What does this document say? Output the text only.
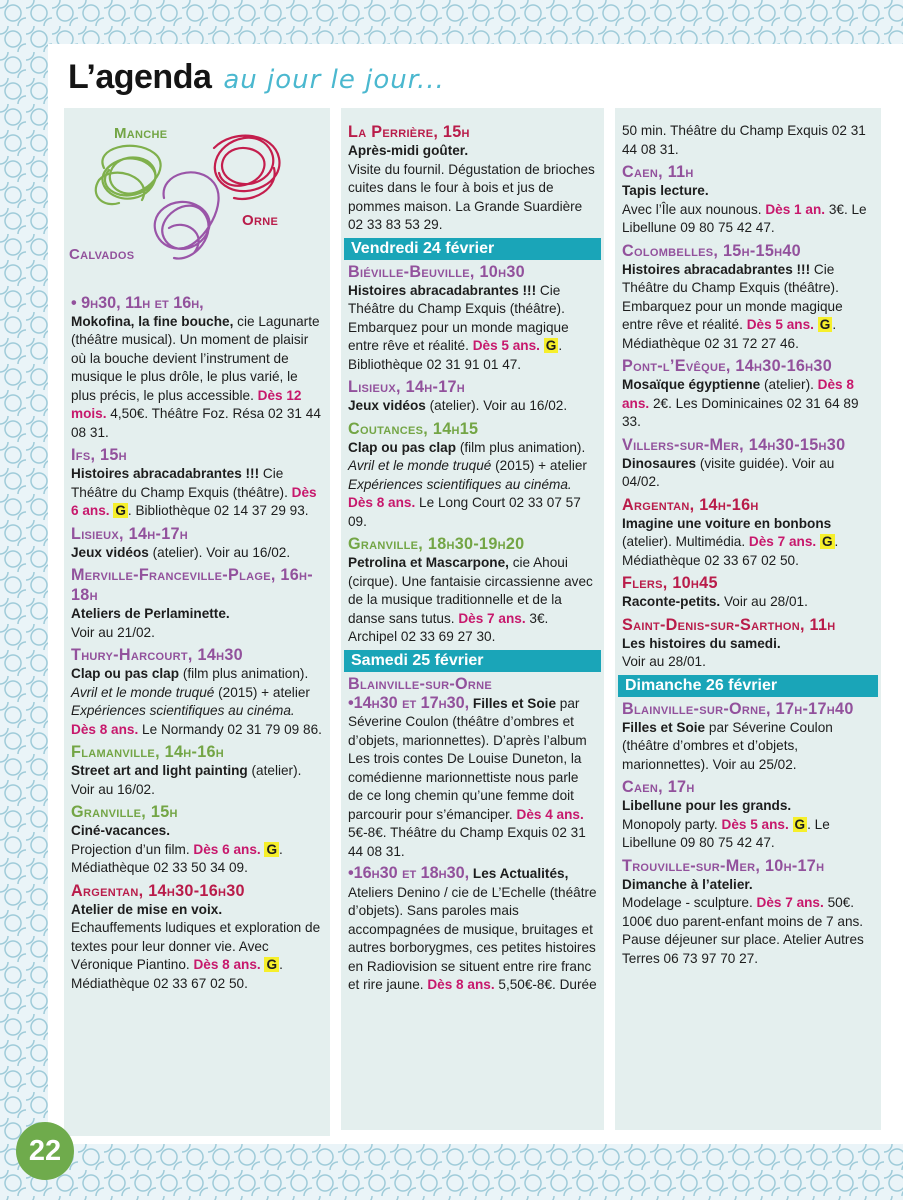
L’agenda au jour le jour...
Manche
Orne
Calvados
• 9h30, 11h et 16h,
Mokofina, la fine bouche, cie Lagunarte (théâtre musical). Un moment de plaisir où la bouche devient l’instrument de musique le plus drôle, le plus varié, le plus précis, le plus accessible. Dès 12 mois. 4,50€. Théâtre Foz. Résa 02 31 44 08 31.
Ifs, 15h
Histoires abracadabrantes !!! Cie Théâtre du Champ Exquis (théâtre). Dès 6 ans. G . Bibliothèque 02 14 37 29 93.
Lisieux, 14h-17h
Jeux vidéos (atelier). Voir au 16/02.
Merville-Franceville-Plage, 16h-18h
Ateliers de Perlaminette.
Voir au 21/02.
Thury-Harcourt, 14h30
Clap ou pas clap (film plus animation). Avril et le monde truqué (2015) + atelier Expériences scientifiques au cinéma. Dès 8 ans. Le Normandy 02 31 79 09 86.
Flamanville, 14h-16h
Street art and light painting (atelier). Voir au 16/02.
Granville, 15h
Ciné-vacances.
Projection d’un film. Dès 6 ans. G . Médiathèque 02 33 50 34 09.
Argentan, 14h30-16h30
Atelier de mise en voix.
Echauffements ludiques et exploration de textes pour leur donner vie. Avec Véronique Piantino. Dès 8 ans. G . Médiathèque 02 33 67 02 50.
La Perrière, 15h
Après-midi goûter.
Visite du fournil. Dégustation de brioches cuites dans le four à bois et jus de pommes maison. La Grande Suardière 02 33 83 53 29.
Vendredi 24 février
Biéville-Beuville, 10h30
Histoires abracadabrantes !!! Cie Théâtre du Champ Exquis (théâtre). Embarquez pour un monde magique entre rêve et réalité. Dès 5 ans. G . Bibliothèque 02 31 91 01 47.
Lisieux, 14h-17h
Jeux vidéos (atelier). Voir au 16/02.
Coutances, 14h15
Clap ou pas clap (film plus animation). Avril et le monde truqué (2015) + atelier Expériences scientifiques au cinéma. Dès 8 ans. Le Long Court 02 33 07 57 09.
Granville, 18h30-19h20
Petrolina et Mascarpone, cie Ahoui (cirque). Une fantaisie circassienne avec de la musique traditionnelle et de la danse sans tutus. Dès 7 ans. 3€. Archipel 02 33 69 27 30.
Samedi 25 février
Blainville-sur-Orne
•14h30 et 17h30, Filles et Soie par Séverine Coulon (théâtre d’ombres et d’objets, marionnettes). D’après l’album Les trois contes De Louise Duneton, la comédienne marionnettiste nous parle de ce long chemin qu’une femme doit parcourir pour s’émanciper. Dès 4 ans. 5€-8€. Théâtre du Champ Exquis 02 31 44 08 31.
•16h30 et 18h30, Les Actualités, Ateliers Denino / cie de L’Echelle (théâtre d’objets). Sans paroles mais accompagnées de musique, bruitages et autres borborygmes, ces petites histoires en Radiovision se situent entre rire franc et rire jaune. Dès 8 ans. 5,50€-8€. Durée
50 min. Théâtre du Champ Exquis 02 31 44 08 31.
Caen, 11h
Tapis lecture.
Avec l’Île aux nounous. Dès 1 an. 3€. Le Libellune 09 80 75 42 47.
Colombelles, 15h-15h40
Histoires abracadabrantes !!! Cie Théâtre du Champ Exquis (théâtre). Embarquez pour un monde magique entre rêve et réalité. Dès 5 ans. G . Médiathèque 02 31 72 27 46.
Pont-l’Evêque, 14h30-16h30
Mosaïque égyptienne (atelier). Dès 8 ans. 2€. Les Dominicaines 02 31 64 89 33.
Villers-sur-Mer, 14h30-15h30
Dinosaures (visite guidée). Voir au 04/02.
Argentan, 14h-16h
Imagine une voiture en bonbons (atelier). Multimédia. Dès 7 ans. G . Médiathèque 02 33 67 02 50.
Flers, 10h45
Raconte-petits. Voir au 28/01.
Saint-Denis-sur-Sarthon, 11h
Les histoires du samedi.
Voir au 28/01.
Dimanche 26 février
Blainville-sur-Orne, 17h-17h40
Filles et Soie par Séverine Coulon (théâtre d’ombres et d’objets, marionnettes). Voir au 25/02.
Caen, 17h
Libellune pour les grands.
Monopoly party. Dès 5 ans. G . Le Libellune 09 80 75 42 47.
Trouville-sur-Mer, 10h-17h
Dimanche à l’atelier.
Modelage - sculpture. Dès 7 ans. 50€. 100€ duo parent-enfant moins de 7 ans. Pause déjeuner sur place. Atelier Autres Terres 06 73 97 70 27.
22
